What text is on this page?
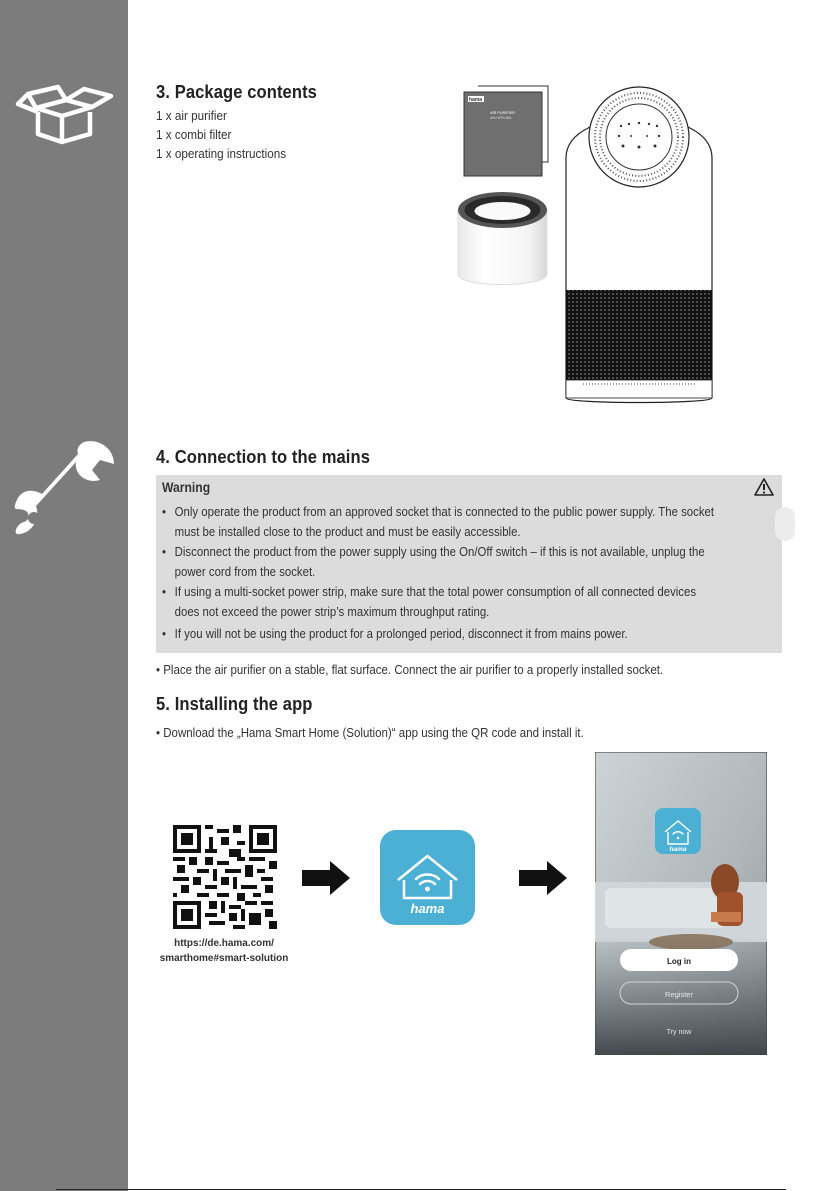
3. Package contents
1 x air purifier
1 x combi filter
1 x operating instructions
hama
AIR PURIFIER
with HEPA filter
4. Connection to the mains
Warning
• Only operate the product from an approved socket that is connected to the public power supply. The socket
must be installed close to the product and must be easily accessible.
• Disconnect the product from the power supply using the On/Off switch – if this is not available, unplug the
power cord from the socket.
• If using a multi-socket power strip, make sure that the total power consumption of all connected devices
does not exceed the power strip’s maximum throughput rating.
• If you will not be using the product for a prolonged period, disconnect it from mains power.
• Place the air purifier on a stable, flat surface. Connect the air purifier to a properly installed socket.
5. Installing the app
• Download the „Hama Smart Home (Solution)“ app using the QR code and install it.
https://de.hama.com/
smarthome#smart-solution
hama
hama
Log in
Register
Try now
